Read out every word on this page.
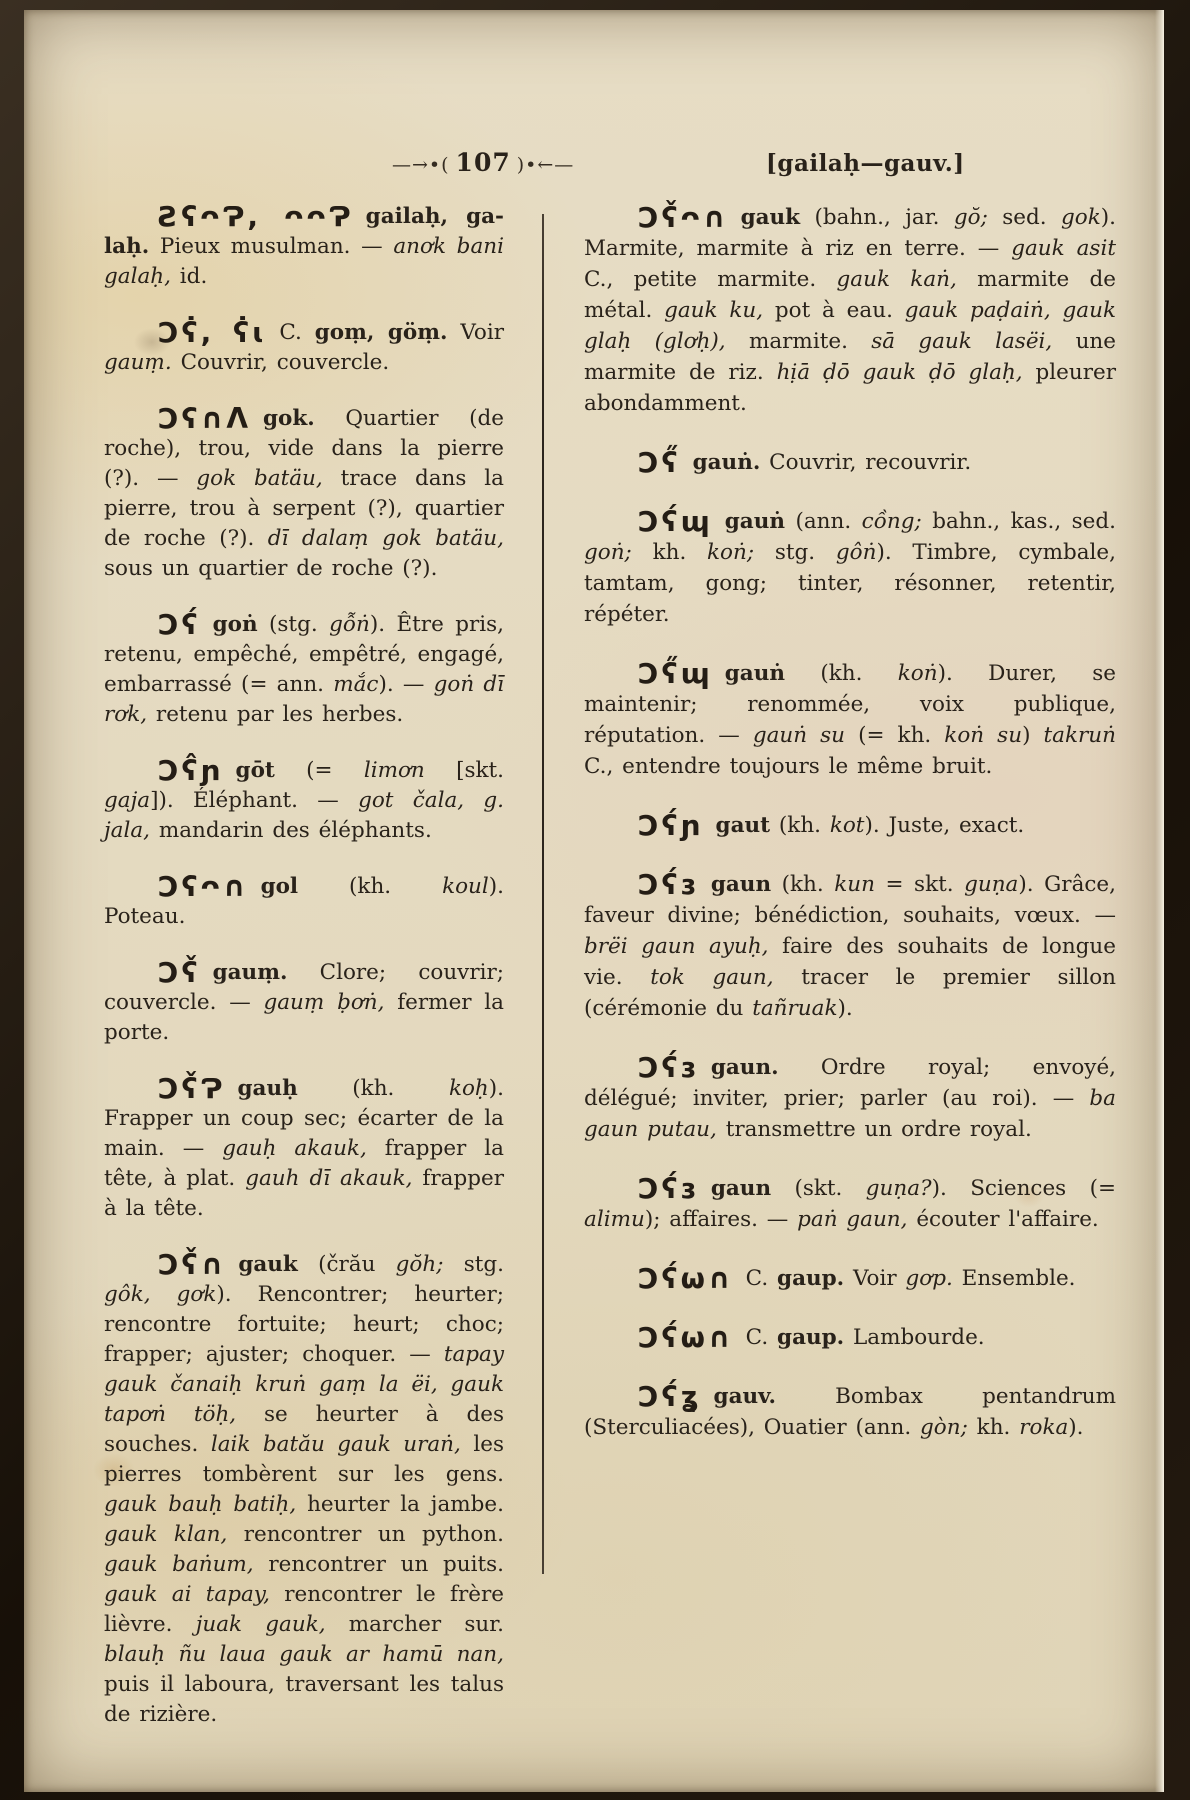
—→•( 107 )•←—	[gailaḥ—gauv.]

ƧʕᴖɁ, ᴖᴖɁ gailaḥ, ga-laḥ. Pieux musulman. — anơk bani galaḥ, id.

Ɔʕ̇, ʕ̇ɩ C. goṃ, göṃ. Voir gauṃ. Couvrir, couvercle.

Ɔʕ∩Λ gok. Quartier (de roche), trou, vide dans la pierre (?). — gok batäu, trace dans la pierre, trou à serpent (?), quartier de roche (?). dī dalaṃ gok batäu, sous un quartier de roche (?).

Ɔʕ́ goṅ (stg. gỗṅ). Être pris, retenu, empêché, empêtré, engagé, embarrassé (= ann. mắc). — goṅ dī rơk, retenu par les herbes.

Ɔʕ̂ɲ gōt (= limơn [skt. gaja]). Éléphant. — got čala, g. jala, mandarin des éléphants.

Ɔʕᴖ∩ gol (kh. koul). Poteau.

Ɔʕ̌ gauṃ. Clore; couvrir; couvercle. — gauṃ ḅơṅ, fermer la porte.

Ɔʕ̌Ɂ gauḥ (kh. koḥ). Frapper un coup sec; écarter de la main. — gauḥ akauk, frapper la tête, à plat. gauh dī akauk, frapper à la tête.

Ɔʕ̌∩ gauk (črău gŏh; stg. gôk, gơk). Rencontrer; heurter; rencontre fortuite; heurt; choc; frapper; ajuster; choquer. — tapay gauk čanaiḥ kruṅ gaṃ la ëi, gauk tapơṅ töḥ, se heurter à des souches. laik batău gauk uraṅ, les pierres tombèrent sur les gens. gauk bauḥ batiḥ, heurter la jambe. gauk klan, rencontrer un python. gauk baṅum, rencontrer un puits. gauk ai tapay, rencontrer le frère lièvre. juak gauk, marcher sur. blauḥ ñu laua gauk ar hamū nan, puis il laboura, traversant les talus de rizière.

Ɔʕ̌ᴖ∩ gauk (bahn., jar. gŏ; sed. gok). Marmite, marmite à riz en terre. — gauk asit C., petite marmite. gauk kaṅ, marmite de métal. gauk ku, pot à eau. gauk paḍaiṅ, gauk glaḥ (glơḥ), marmite. sā gauk lasëi, une marmite de riz. hịā ḍō gauk ḍō glaḥ, pleurer abondamment.

Ɔʕ̋ gauṅ. Couvrir, recouvrir.

Ɔʕ́ɰ gauṅ (ann. cồng; bahn., kas., sed. goṅ; kh. koṅ; stg. gôṅ). Timbre, cymbale, tamtam, gong; tinter, résonner, retentir, répéter.

Ɔʕ̋ɰ gauṅ (kh. koṅ). Durer, se maintenir; renommée, voix publique, réputation. — gauṅ su (= kh. koṅ su) takruṅ C., entendre toujours le même bruit.

Ɔʕ́ɲ gaut (kh. kot). Juste, exact.

Ɔʕ́ɜ gaun (kh. kun = skt. guṇa). Grâce, faveur divine; bénédiction, souhaits, vœux. — brëi gaun ayuḥ, faire des souhaits de longue vie. tok gaun, tracer le premier sillon (cérémonie du tañruak).

Ɔʕ́ɜ gaun. Ordre royal; envoyé, délégué; inviter, prier; parler (au roi). — ba gaun putau, transmettre un ordre royal.

Ɔʕ́ɜ gaun (skt. guṇa?). Sciences (= alimu); affaires. — paṅ gaun, écouter l'affaire.

Ɔʕ́ω∩ C. gaup. Voir gơp. Ensemble.

Ɔʕ́ω∩ C. gaup. Lambourde.

Ɔʕ́ʓ gauv. Bombax pentandrum (Sterculiacées), Ouatier (ann. gòn; kh. roka).
